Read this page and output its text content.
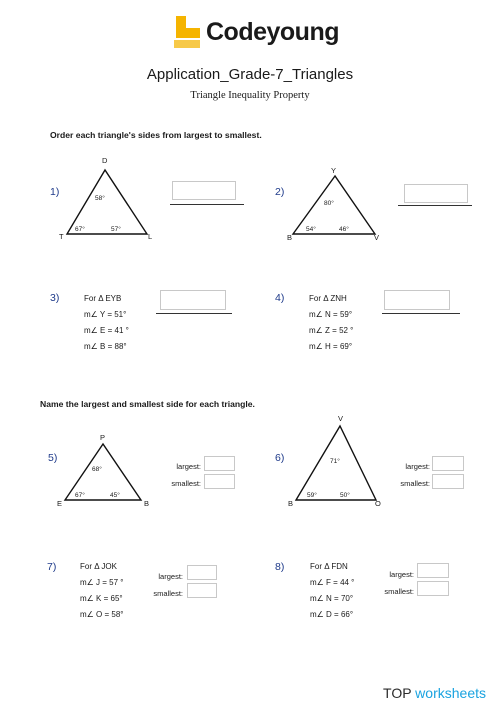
Codeyoung
Application_Grade-7_Triangles
Triangle Inequality Property
Order each triangle's sides from largest to smallest.
1)
D
T	L
58°
67°	57°
2)
Y
B	V
80°
54°	46°
3)	For Δ EYB
m∠ Y = 51°
m∠ E = 41 °
m∠ B = 88°
4)	For Δ ZNH
m∠ N = 59°
m∠ Z = 52 °
m∠ H = 69°
Name the largest and smallest side for each triangle.
5)
P
E	B
68°
67°	45°
largest:
smallest:
6)
V
B	O
71°
59°	50°
largest:
smallest:
7)	For Δ JOK
m∠ J = 57 °
m∠ K = 65°
m∠ O = 58°
largest:
smallest:
8)	For Δ FDN
m∠ F = 44 °
m∠ N = 70°
m∠ D = 66°
largest:
smallest:
TOP worksheets
